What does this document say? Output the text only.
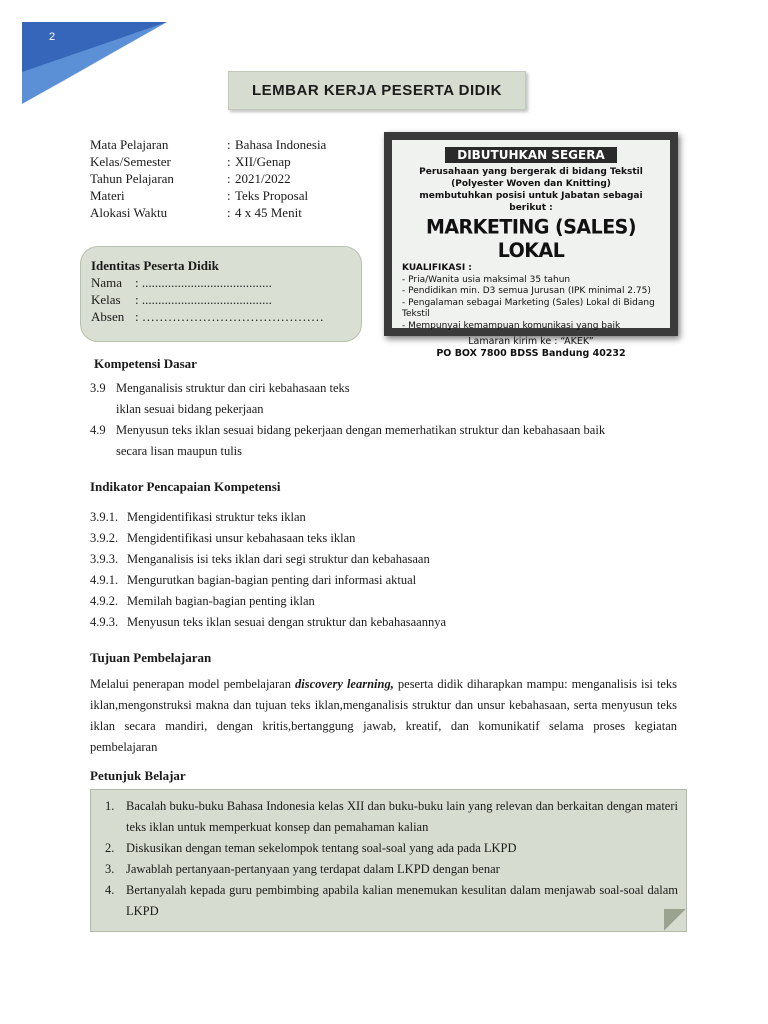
2
LEMBAR KERJA PESERTA DIDIK
Mata Pelajaran	: Bahasa Indonesia
Kelas/Semester	: XII/Genap
Tahun Pelajaran	: 2021/2022
Materi	: Teks Proposal
Alokasi Waktu	: 4 x 45 Menit
Identitas Peserta Didik
Nama : ........................................
Kelas	: ........................................
Absen : ……………………………………
DIBUTUHKAN SEGERA
Perusahaan yang bergerak di bidang Tekstil
(Polyester Woven dan Knitting)
membutuhkan posisi untuk Jabatan sebagai berikut :
MARKETING (SALES) LOKAL
KUALIFIKASI :
- Pria/Wanita usia maksimal 35 tahun
- Pendidikan min. D3 semua Jurusan (IPK minimal 2.75)
- Pengalaman sebagai Marketing (Sales) Lokal di Bidang Tekstil
- Mempunyai kemampuan komunikasi yang baik
Lamaran kirim ke : “AKEK”
PO BOX 7800 BDSS Bandung 40232
Kompetensi Dasar
3.9 Menganalisis struktur dan ciri kebahasaan teks
iklan sesuai bidang pekerjaan
4.9 Menyusun teks iklan sesuai bidang pekerjaan dengan memerhatikan struktur dan kebahasaan baik
secara lisan maupun tulis
Indikator Pencapaian Kompetensi
3.9.1. Mengidentifikasi struktur teks iklan
3.9.2. Mengidentifikasi unsur kebahasaan teks iklan
3.9.3. Menganalisis isi teks iklan dari segi struktur dan kebahasaan
4.9.1. Mengurutkan bagian-bagian penting dari informasi aktual
4.9.2. Memilah bagian-bagian penting iklan
4.9.3. Menyusun teks iklan sesuai dengan struktur dan kebahasaannya
Tujuan Pembelajaran
Melalui penerapan model pembelajaran discovery learning, peserta didik diharapkan mampu: menganalisis isi teks iklan,mengonstruksi makna dan tujuan teks iklan,menganalisis struktur dan unsur kebahasaan, serta menyusun teks iklan secara mandiri, dengan kritis,bertanggung jawab, kreatif, dan komunikatif selama proses kegiatan pembelajaran
Petunjuk Belajar
1. Bacalah buku-buku Bahasa Indonesia kelas XII dan buku-buku lain yang relevan dan berkaitan dengan materi teks iklan untuk memperkuat konsep dan pemahaman kalian
2. Diskusikan dengan teman sekelompok tentang soal-soal yang ada pada LKPD
3. Jawablah pertanyaan-pertanyaan yang terdapat dalam LKPD dengan benar
4. Bertanyalah kepada guru pembimbing apabila kalian menemukan kesulitan dalam menjawab soal-soal dalam LKPD
